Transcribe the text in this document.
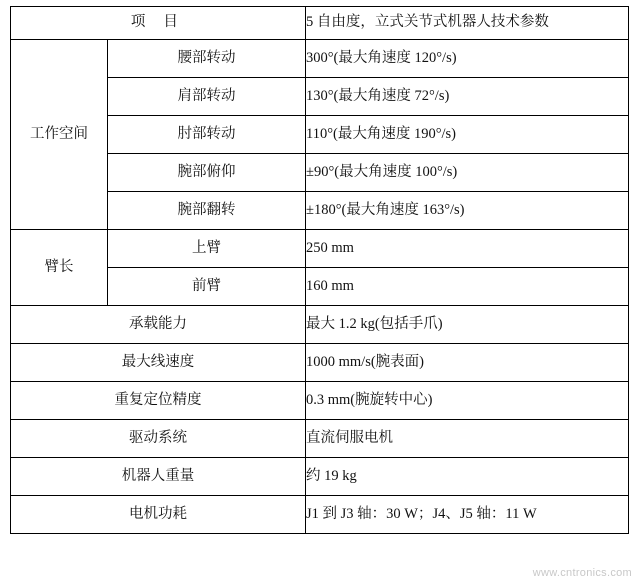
项 目		5 自由度，立式关节式机器人技术参数
工作空间	腰部转动	300°(最大角速度 120°/s)
	肩部转动	130°(最大角速度 72°/s)
	肘部转动	110°(最大角速度 190°/s)
	腕部俯仰	±90°(最大角速度 100°/s)
	腕部翻转	±180°(最大角速度 163°/s)
臂长	上臂	250 mm
	前臂	160 mm
承载能力		最大 1.2 kg(包括手爪)
最大线速度		1000 mm/s(腕表面)
重复定位精度		0.3 mm(腕旋转中心)
驱动系统		直流伺服电机
机器人重量		约 19 kg
电机功耗		J1 到 J3 轴：30 W；J4、J5 轴：11 W
www.cntronics.com
